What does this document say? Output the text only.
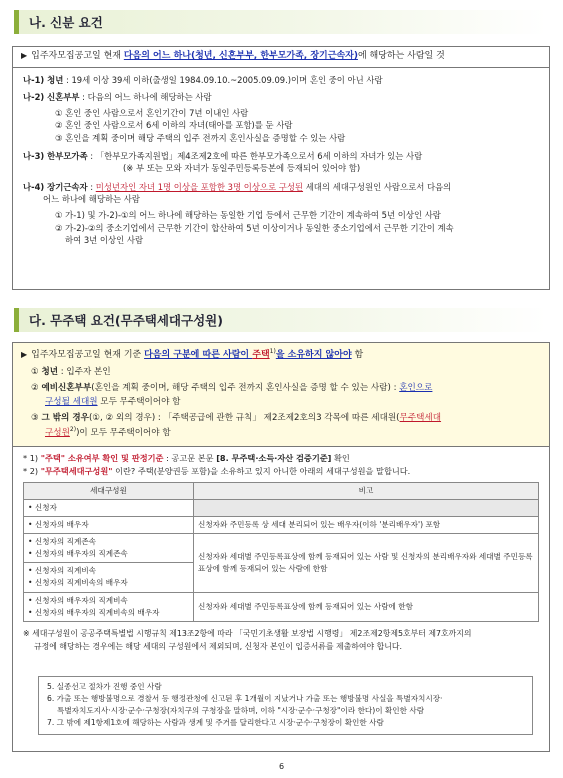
나. 신분 요건
▶ 입주자모집공고일 현재 다음의 어느 하나(청년, 신혼부부, 한부모가족, 장기근속자)에 해당하는 사람일 것
나-1) 청년 : 19세 이상 39세 이하(출생일 1984.09.10.~2005.09.09.)이며 혼인 중이 아닌 사람
나-2) 신혼부부 : 다음의 어느 하나에 해당하는 사람
① 혼인 중인 사람으로서 혼인기간이 7년 이내인 사람
② 혼인 중인 사람으로서 6세 이하의 자녀(태아를 포함)를 둔 사람
③ 혼인을 계획 중이며 해당 주택의 입주 전까지 혼인사실을 증명할 수 있는 사람
나-3) 한부모가족 : 「한부모가족지원법」제4조제2호에 따른 한부모가족으로서 6세 이하의 자녀가 있는 사람
(※ 부 또는 모와 자녀가 동일주민등록등본에 등재되어 있어야 함)
나-4) 장기근속자 : 미성년자인 자녀 1명 이상을 포함한 3명 이상으로 구성된 세대의 세대구성원인 사람으로서 다음의
어느 하나에 해당하는 사람
① 가-1) 및 가-2)-①의 어느 하나에 해당하는 동일한 기업 등에서 근무한 기간이 계속하여 5년 이상인 사람
② 가-2)-②의 중소기업에서 근무한 기간이 합산하여 5년 이상이거나 동일한 중소기업에서 근무한 기간이 계속
하여 3년 이상인 사람
다. 무주택 요건(무주택세대구성원)
▶ 입주자모집공고일 현재 기준 다음의 구분에 따른 사람이 주택$^{1)}$을 소유하지 않아야 함
① 청년 : 입주자 본인
② 예비신혼부부(혼인을 계획 중이며, 해당 주택의 입주 전까지 혼인사실을 증명 할 수 있는 사람) : 혼인으로
구성될 세대원 모두 무주택이어야 함
③ 그 밖의 경우(①, ② 외의 경우) : 「주택공급에 관한 규칙」 제2조제2호의3 각목에 따른 세대원(무주택세대
구성원$^{2)}$)이 모두 무주택이어야 함
* 1) "주택" 소유여부 확인 및 판정기준 : 공고문 본문 [8. 무주택·소득·자산 검증기준] 확인
* 2) "무주택세대구성원" 이란? 주택(분양권등 포함)을 소유하고 있지 아니한 아래의 세대구성원을 말합니다.
세대구성원	비고
• 신청자	
• 신청자의 배우자	신청자와 주민등록 상 세대 분리되어 있는 배우자(이하 '분리배우자') 포함

• 신청자의 직계존속
• 신청자의 배우자의 직계존속	신청자와 세대별 주민등록표상에 함께 등재되어 있는 사람 및 신청자의 분리배우자와 세대별 주민등록표상에 함께 등재되어 있는 사람에 한함

• 신청자의 직계비속
• 신청자의 직계비속의 배우자	

• 신청자의 배우자의 직계비속
• 신청자의 배우자의 직계비속의 배우자	신청자와 세대별 주민등록표상에 함께 등재되어 있는 사람에 한함
※ 세대구성원이 공공주택특별법 시행규칙 제13조2항에 따라 「국민기초생활 보장법 시행령」 제2조제2항제5호부터 제7호까지의
규정에 해당하는 경우에는 해당 세대의 구성원에서 제외되며, 신청자 본인이 입증서류를 제출하여야 합니다.
5. 실종선고 절차가 진행 중인 사람
6. 가출 또는 행방불명으로 경찰서 등 행정관청에 신고된 후 1개월이 지났거나 가출 또는 행방불명 사실을 특별자치시장·
특별자치도지사·시장·군수·구청장(자치구의 구청장을 말하며, 이하 "시장·군수·구청장"이라 한다)이 확인한 사람
7. 그 밖에 제1항제1호에 해당하는 사람과 생계 및 주거를 달리한다고 시장·군수·구청장이 확인한 사람
6
